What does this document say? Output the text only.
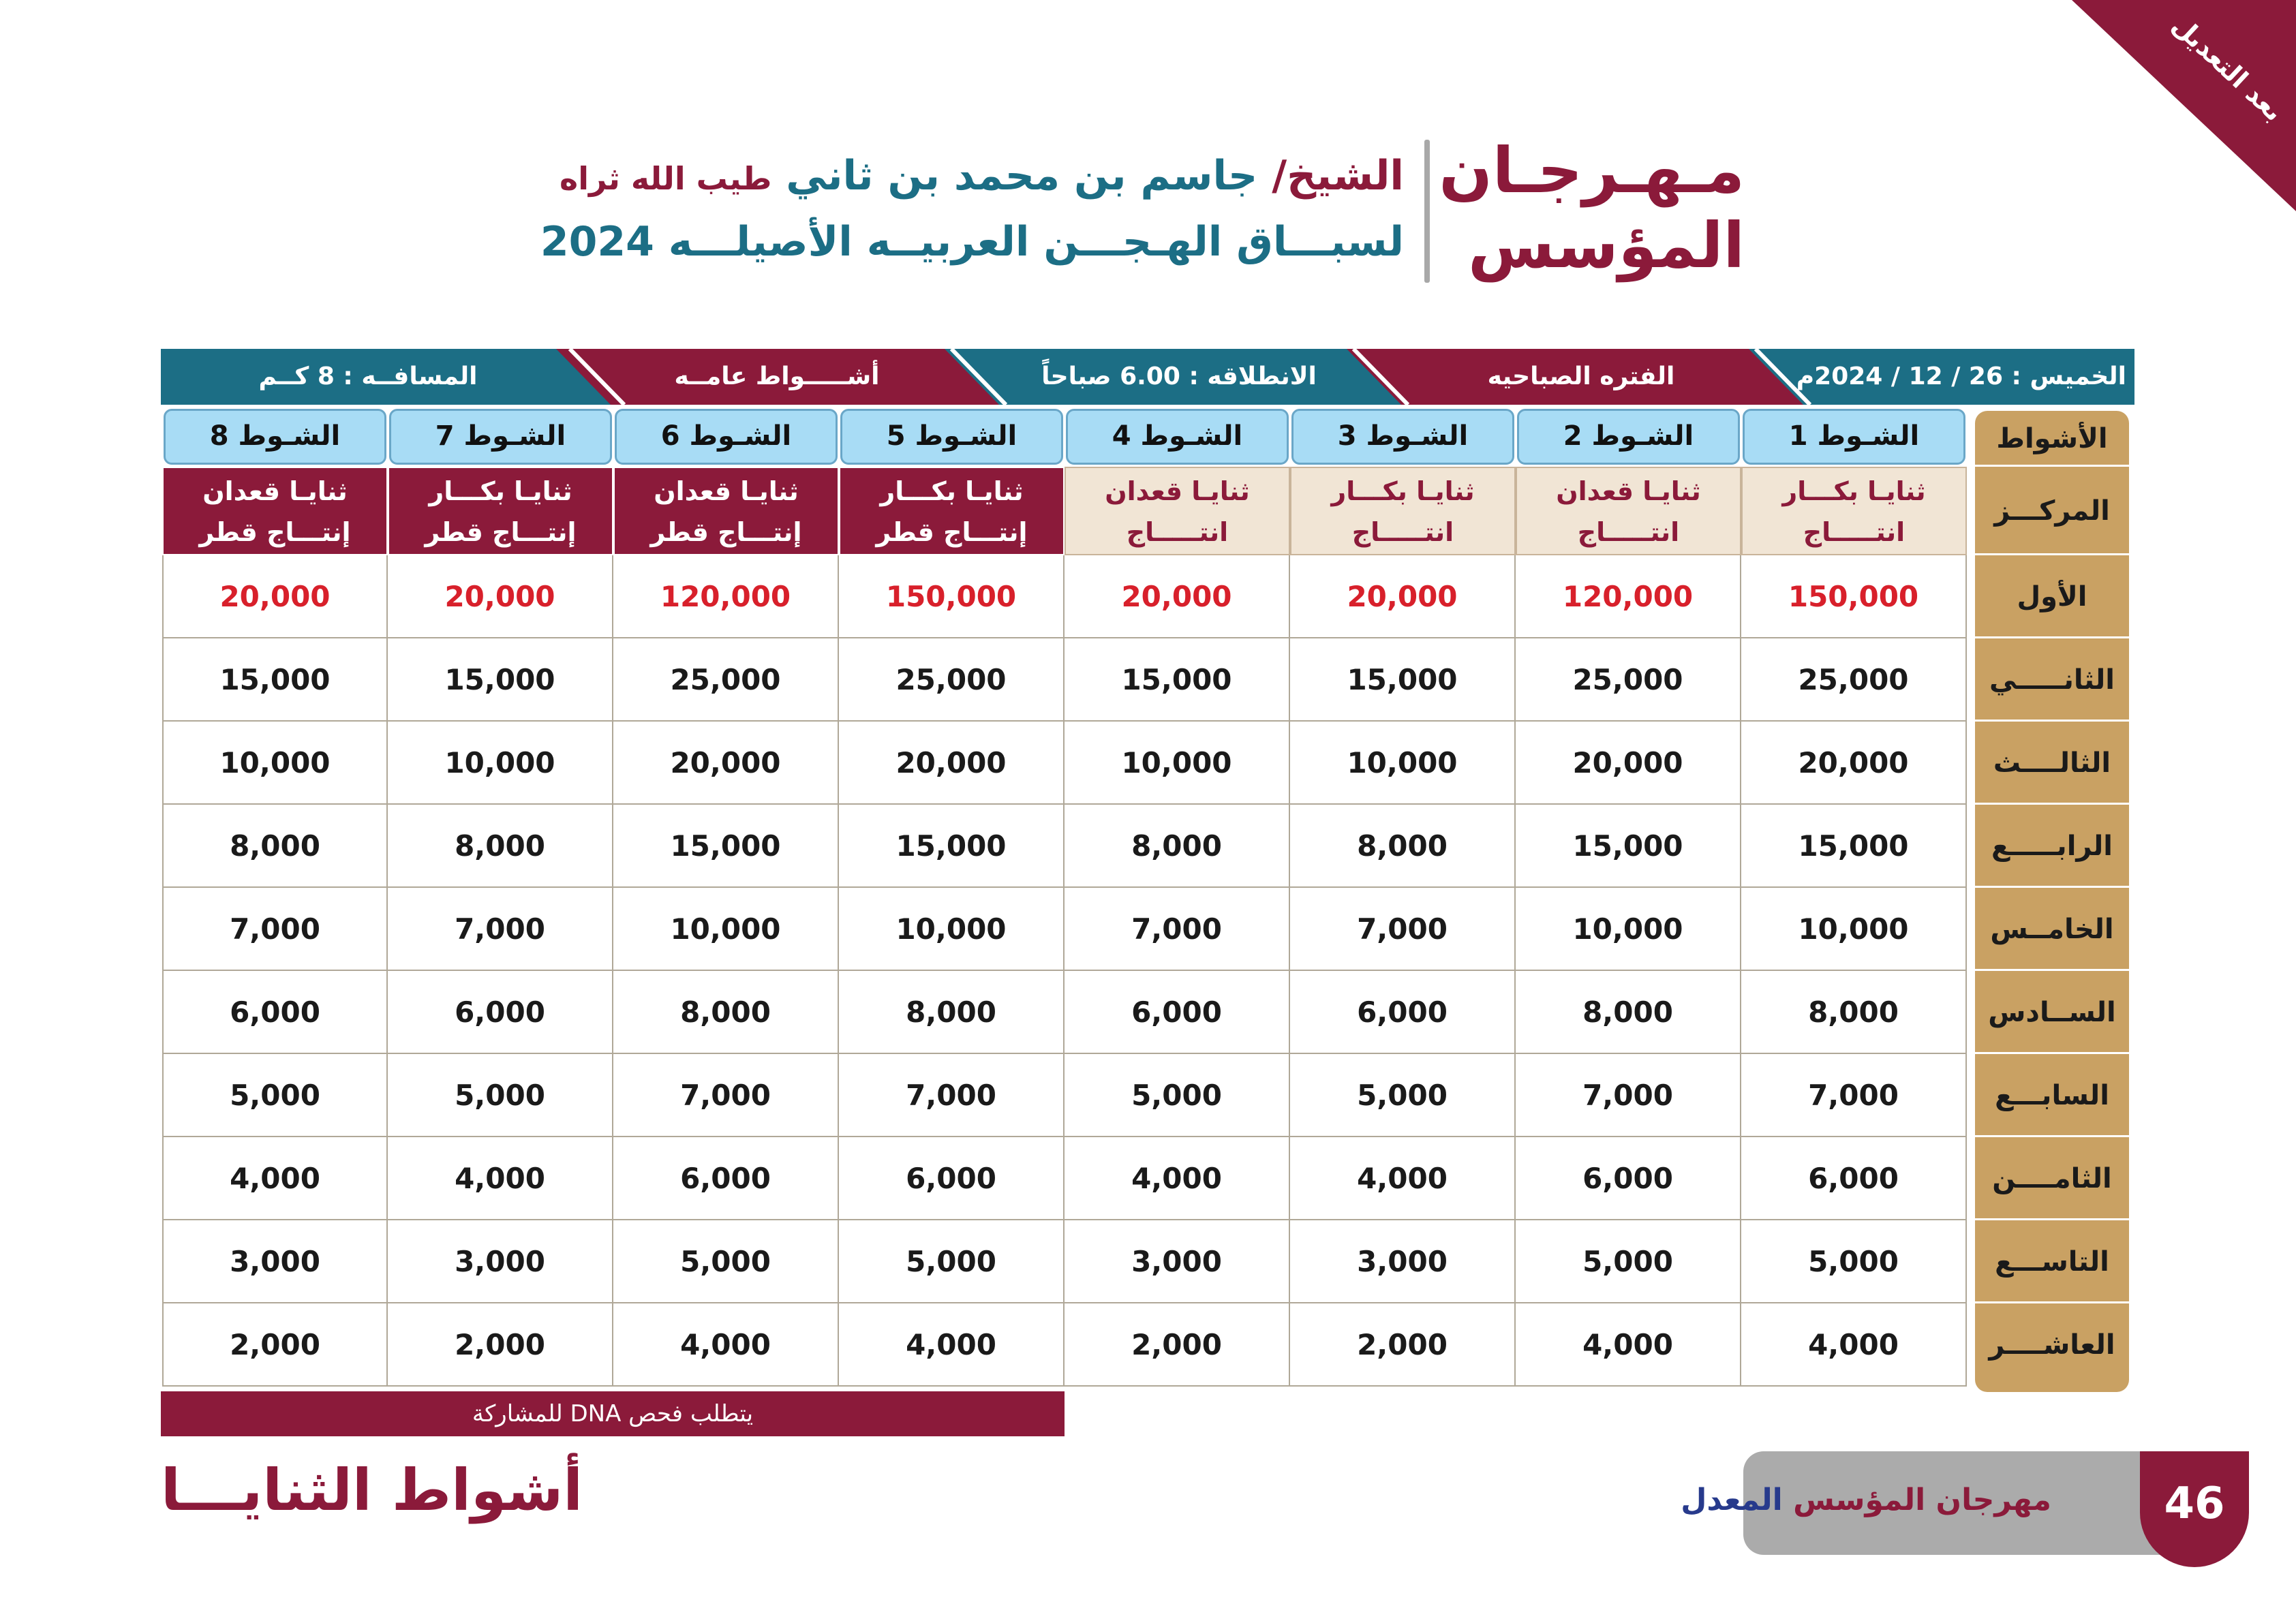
بعد التعديل
مـهـرجـان
المؤسس
الشيخ/ جاسم بن محمد بن ثاني طيب الله ثراه
لسبـــاق الهـجـــن العربيــه الأصيلـــه 2024
الخميس : 26 / 12 / 2024م
الفتره الصباحيه
الانطلاقه : 6.00 صباحاً
أشـــــواط عامــه
المسافــه : 8 كــم
الأشواط
المركـــز
الأول
الثانـــــي
الثالــــث
الرابـــــع
الخامــس
الســادس
السابـــع
الثامــــن
التاســـع
العاشــــر
الشـوط 1
ثنايـا بكـــار
انتـــــاج
الشـوط 2
ثنايـا قعدان
انتـــــاج
الشـوط 3
ثنايـا بكـــار
انتـــــاج
الشـوط 4
ثنايـا قعدان
انتـــــاج
الشـوط 5
ثنايـا بكـــار
إنتـــاج قطر
الشـوط 6
ثنايـا قعدان
إنتـــاج قطر
الشـوط 7
ثنايـا بكـــار
إنتـــاج قطر
الشـوط 8
ثنايـا قعدان
إنتـــاج قطر
150,000
120,000
20,000
20,000
150,000
120,000
20,000
20,000
25,000
25,000
15,000
15,000
25,000
25,000
15,000
15,000
20,000
20,000
10,000
10,000
20,000
20,000
10,000
10,000
15,000
15,000
8,000
8,000
15,000
15,000
8,000
8,000
10,000
10,000
7,000
7,000
10,000
10,000
7,000
7,000
8,000
8,000
6,000
6,000
8,000
8,000
6,000
6,000
7,000
7,000
5,000
5,000
7,000
7,000
5,000
5,000
6,000
6,000
4,000
4,000
6,000
6,000
4,000
4,000
5,000
5,000
3,000
3,000
5,000
5,000
3,000
3,000
4,000
4,000
2,000
2,000
4,000
4,000
2,000
2,000
يتطلب فحص DNA للمشاركة
أشواط الثنايـــا	مهرجان المؤسس المعدل	46
